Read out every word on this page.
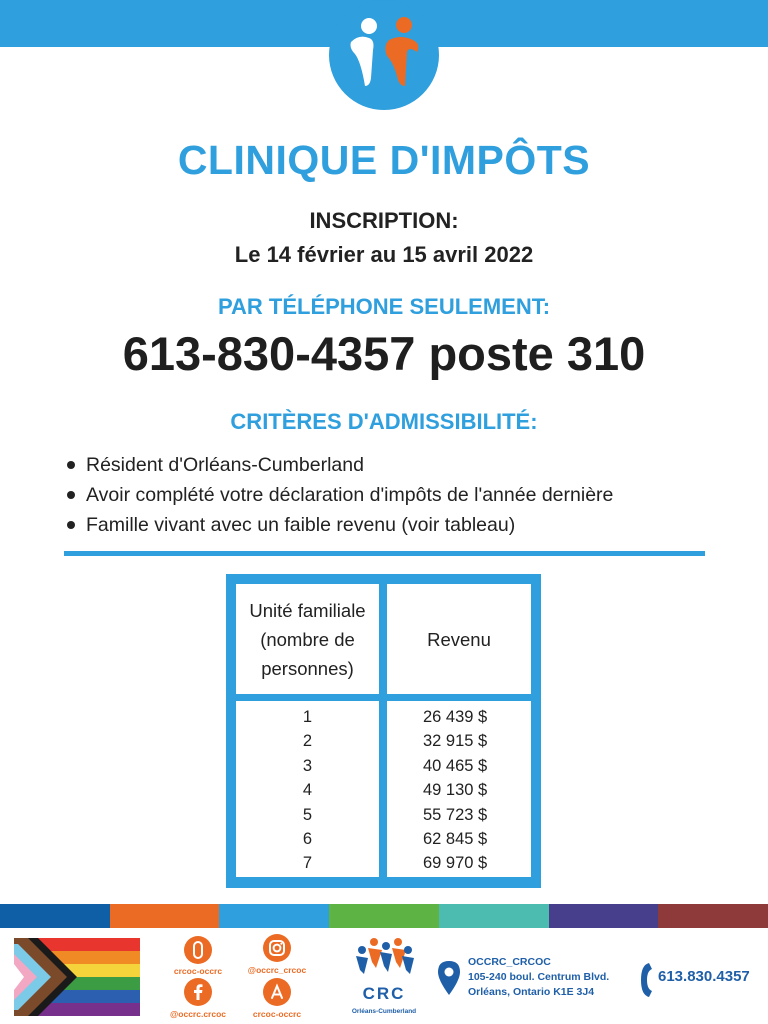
CLINIQUE D'IMPÔTS
INSCRIPTION:
Le 14 février au 15 avril 2022
PAR TÉLÉPHONE SEULEMENT:
613-830-4357 poste 310
CRITÈRES D'ADMISSIBILITÉ:
Résident d'Orléans-Cumberland
Avoir complété votre déclaration d'impôts de l'année dernière
Famille vivant avec un faible revenu (voir tableau)
Unité familiale
(nombre de
personnes)
Revenu
1
2
3
4
5
6
7
26 439 $
32 915 $
40 465 $
49 130 $
55 723 $
62 845 $
69 970 $
crcoc-occrc	@occrc_crcoc
@occrc.crcoc	crcoc-occrc
CRC
Orléans-Cumberland
OCCRC_CRCOC
105-240 boul. Centrum Blvd.
Orléans, Ontario K1E 3J4
613.830.4357
